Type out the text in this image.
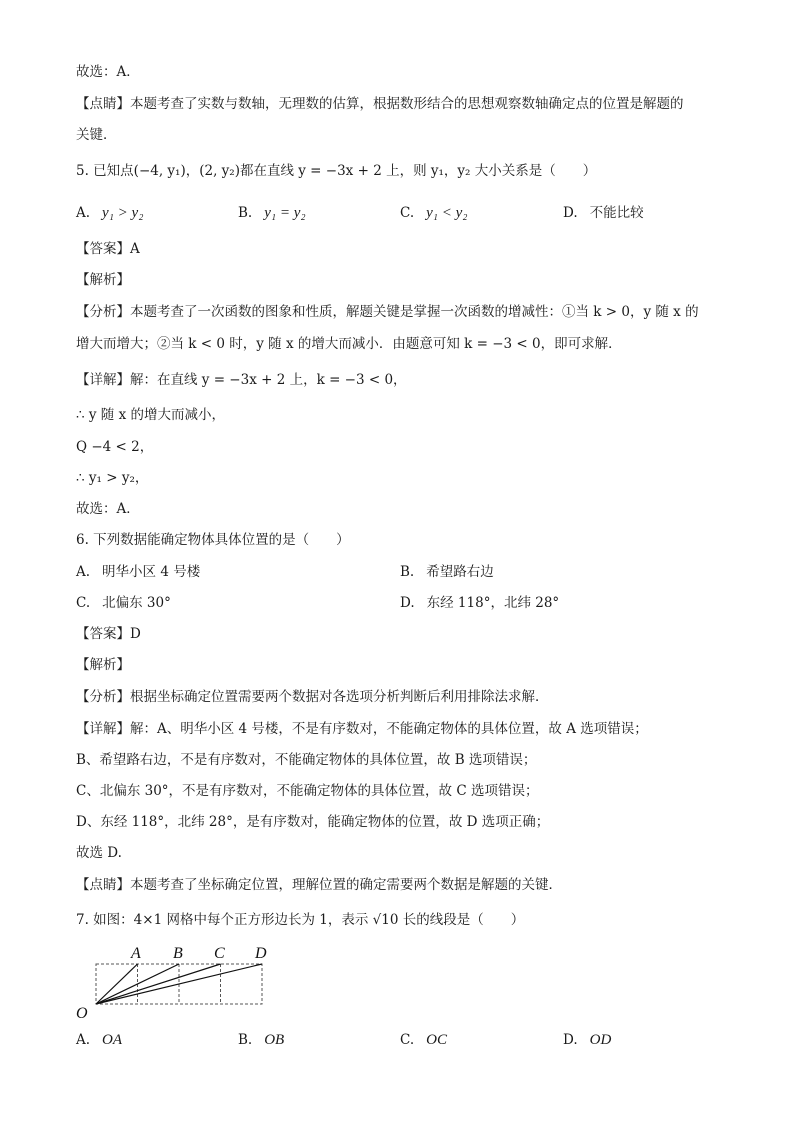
故选：A．
【点睛】本题考查了实数与数轴，无理数的估算，根据数形结合的思想观察数轴确定点的位置是解题的
关键．
5. 已知点(−4, y₁)，(2, y₂)都在直线 y = −3x + 2 上，则 y₁，y₂ 大小关系是（　　）
A. y₁ > y₂	B. y₁ = y₂	C. y₁ < y₂	D. 不能比较
【答案】A
【解析】
【分析】本题考查了一次函数的图象和性质，解题关键是掌握一次函数的增减性：①当 k > 0，y 随 x 的
增大而增大；②当 k < 0 时，y 随 x 的增大而减小．由题意可知 k = −3 < 0，即可求解．
【详解】解：在直线 y = −3x + 2 上，k = −3 < 0，
∴ y 随 x 的增大而减小，
Q −4 < 2，
∴ y₁ > y₂，
故选：A．
6. 下列数据能确定物体具体位置的是（　　）
A. 明华小区 4 号楼	B. 希望路右边
C. 北偏东 30°	D. 东经 118°，北纬 28°
【答案】D
【解析】
【分析】根据坐标确定位置需要两个数据对各选项分析判断后利用排除法求解．
【详解】解：A、明华小区 4 号楼，不是有序数对，不能确定物体的具体位置，故 A 选项错误；
B、希望路右边，不是有序数对，不能确定物体的具体位置，故 B 选项错误；
C、北偏东 30°，不是有序数对，不能确定物体的具体位置，故 C 选项错误；
D、东经 118°，北纬 28°，是有序数对，能确定物体的位置，故 D 选项正确；
故选 D.
【点睛】本题考查了坐标确定位置，理解位置的确定需要两个数据是解题的关键．
7. 如图：4×1 网格中每个正方形边长为 1，表示 √10 长的线段是（　　）
A B C D
O
A. OA	B. OB	C. OC	D. OD
